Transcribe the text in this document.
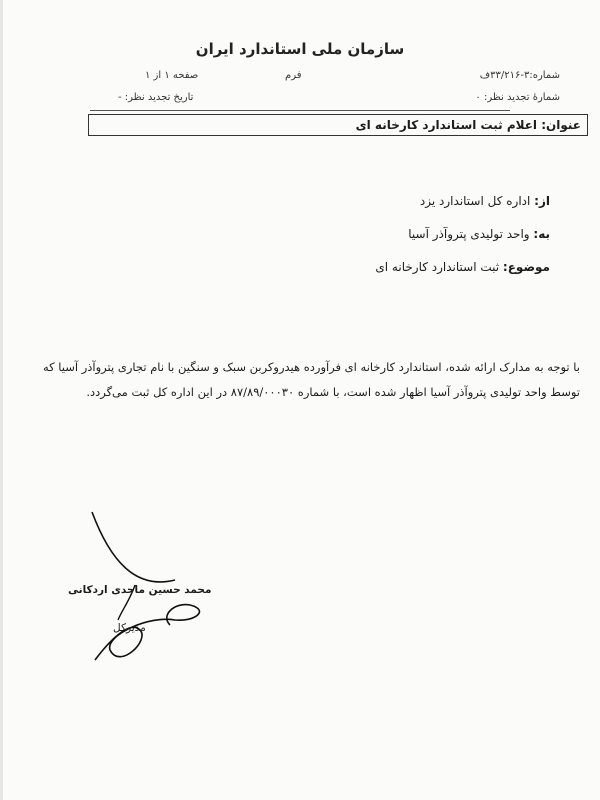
سازمان ملی استاندارد ایران
شماره:۳-۳۳/۲۱۶ف
فرم
صفحه ۱ از ۱
شمارهٔ تجدید نظر: ۰
تاریخ تجدید نظر: -
عنوان: اعلام ثبت استاندارد کارخانه ای
از: اداره کل استاندارد یزد
به: واحد تولیدی پتروآذر آسیا
موضوع: ثبت استاندارد کارخانه ای
با توجه به مدارک ارائه شده، استاندارد کارخانه ای فرآورده هیدروکربن سبک و سنگین با نام تجاری پتروآذر آسیا که توسط واحد تولیدی پتروآذر آسیا اظهار شده است، با شماره ۸۷/۸۹/۰۰۰۳۰ در این اداره کل ثبت می‌گردد.
محمد حسین ماجدی اردکانی
مدیرکل
